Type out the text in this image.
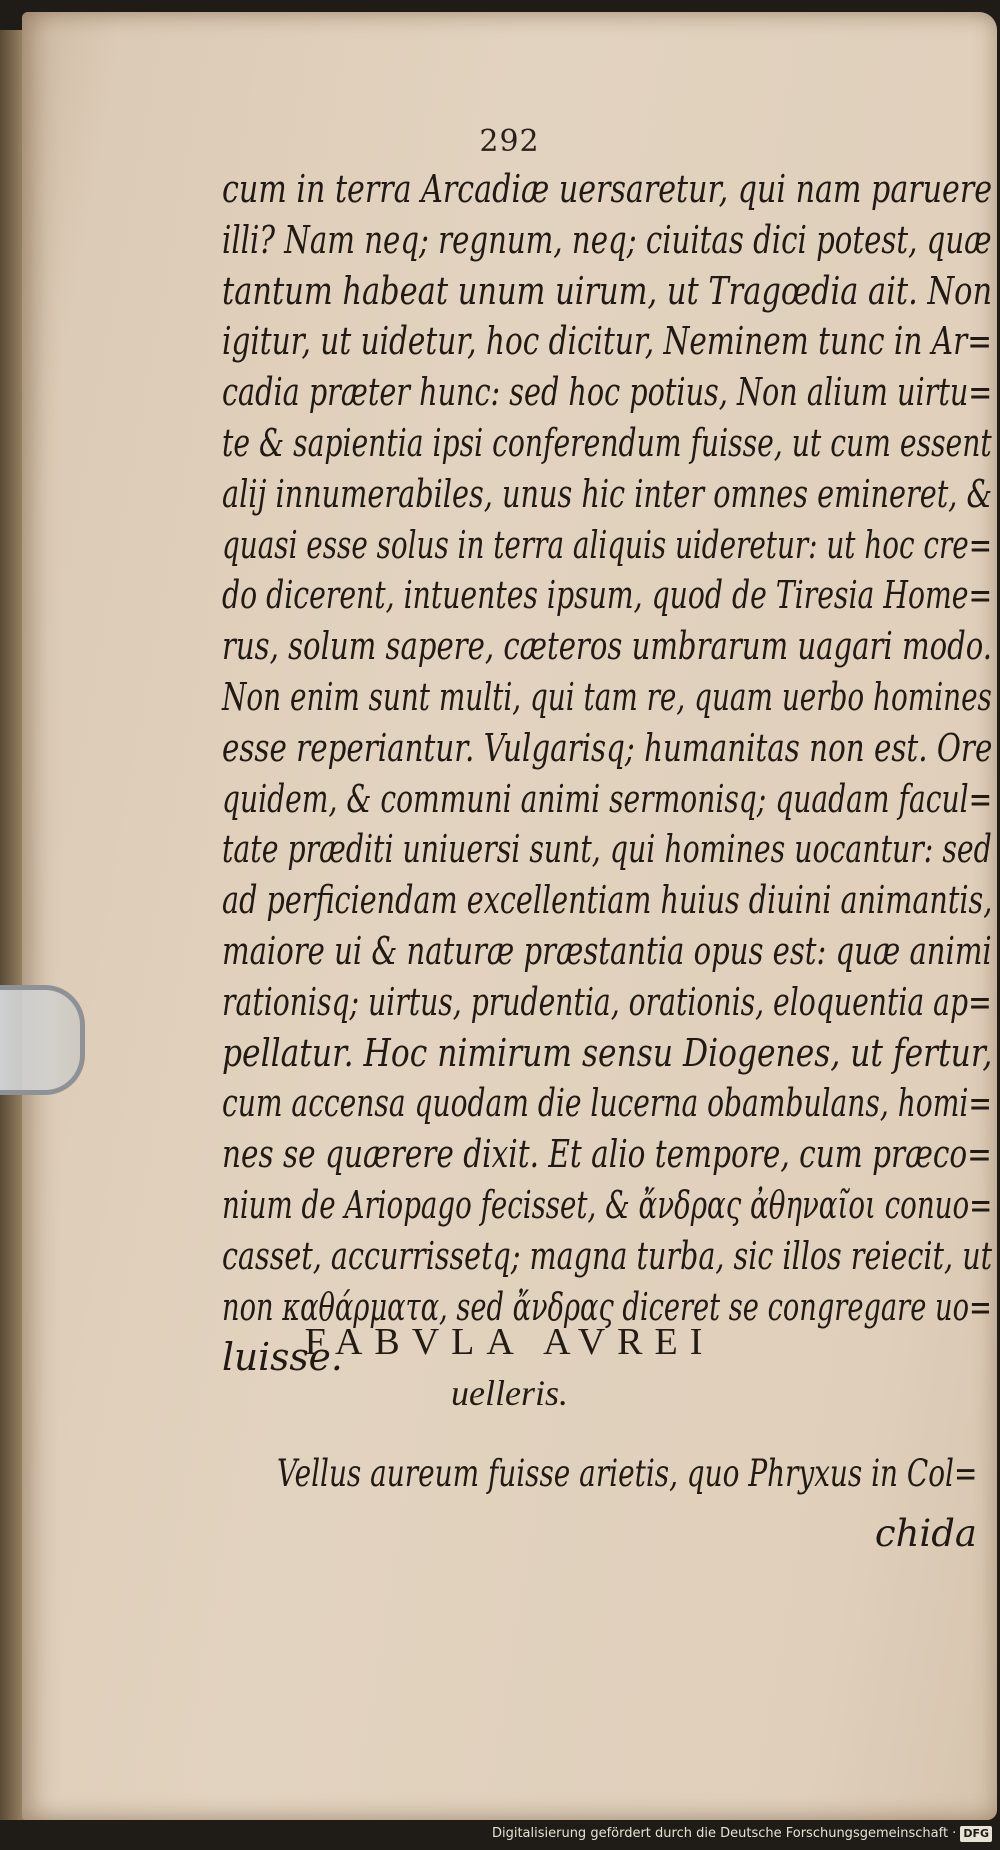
292
cum in terra Arcadiæ uersaretur, qui nam paruere
illi? Nam neq; regnum, neq; ciuitas dici potest, quæ
tantum habeat unum uirum, ut Tragœdia ait. Non
igitur, ut uidetur, hoc dicitur, Neminem tunc in Ar=
cadia præter hunc: sed hoc potius, Non alium uirtu=
te & sapientia ipsi conferendum fuisse, ut cum essent
alij innumerabiles, unus hic inter omnes emineret, &
quasi esse solus in terra aliquis uideretur: ut hoc cre=
do dicerent, intuentes ipsum, quod de Tiresia Home=
rus, solum sapere, cæteros umbrarum uagari modo.
Non enim sunt multi, qui tam re, quam uerbo homines
esse reperiantur. Vulgarisq; humanitas non est. Ore
quidem, & communi animi sermonisq; quadam facul=
tate præditi uniuersi sunt, qui homines uocantur: sed
ad perficiendam excellentiam huius diuini animantis,
maiore ui & naturæ præstantia opus est: quæ animi
rationisq; uirtus, prudentia, orationis, eloquentia ap=
pellatur. Hoc nimirum sensu Diogenes, ut fertur,
cum accensa quodam die lucerna obambulans, homi=
nes se quærere dixit. Et alio tempore, cum præco=
nium de Ariopago fecisset, & ἄνδρας ἀθηναῖοι conuo=
casset, accurrissetq; magna turba, sic illos reiecit, ut
non καθάρματα, sed ἄνδρας diceret se congregare uo=
luisse.
FABVLA AVREI
uelleris.
Vellus aureum fuisse arietis, quo Phryxus in Col=
chida
Digitalisierung gefördert durch die Deutsche Forschungsgemeinschaft · DFG
